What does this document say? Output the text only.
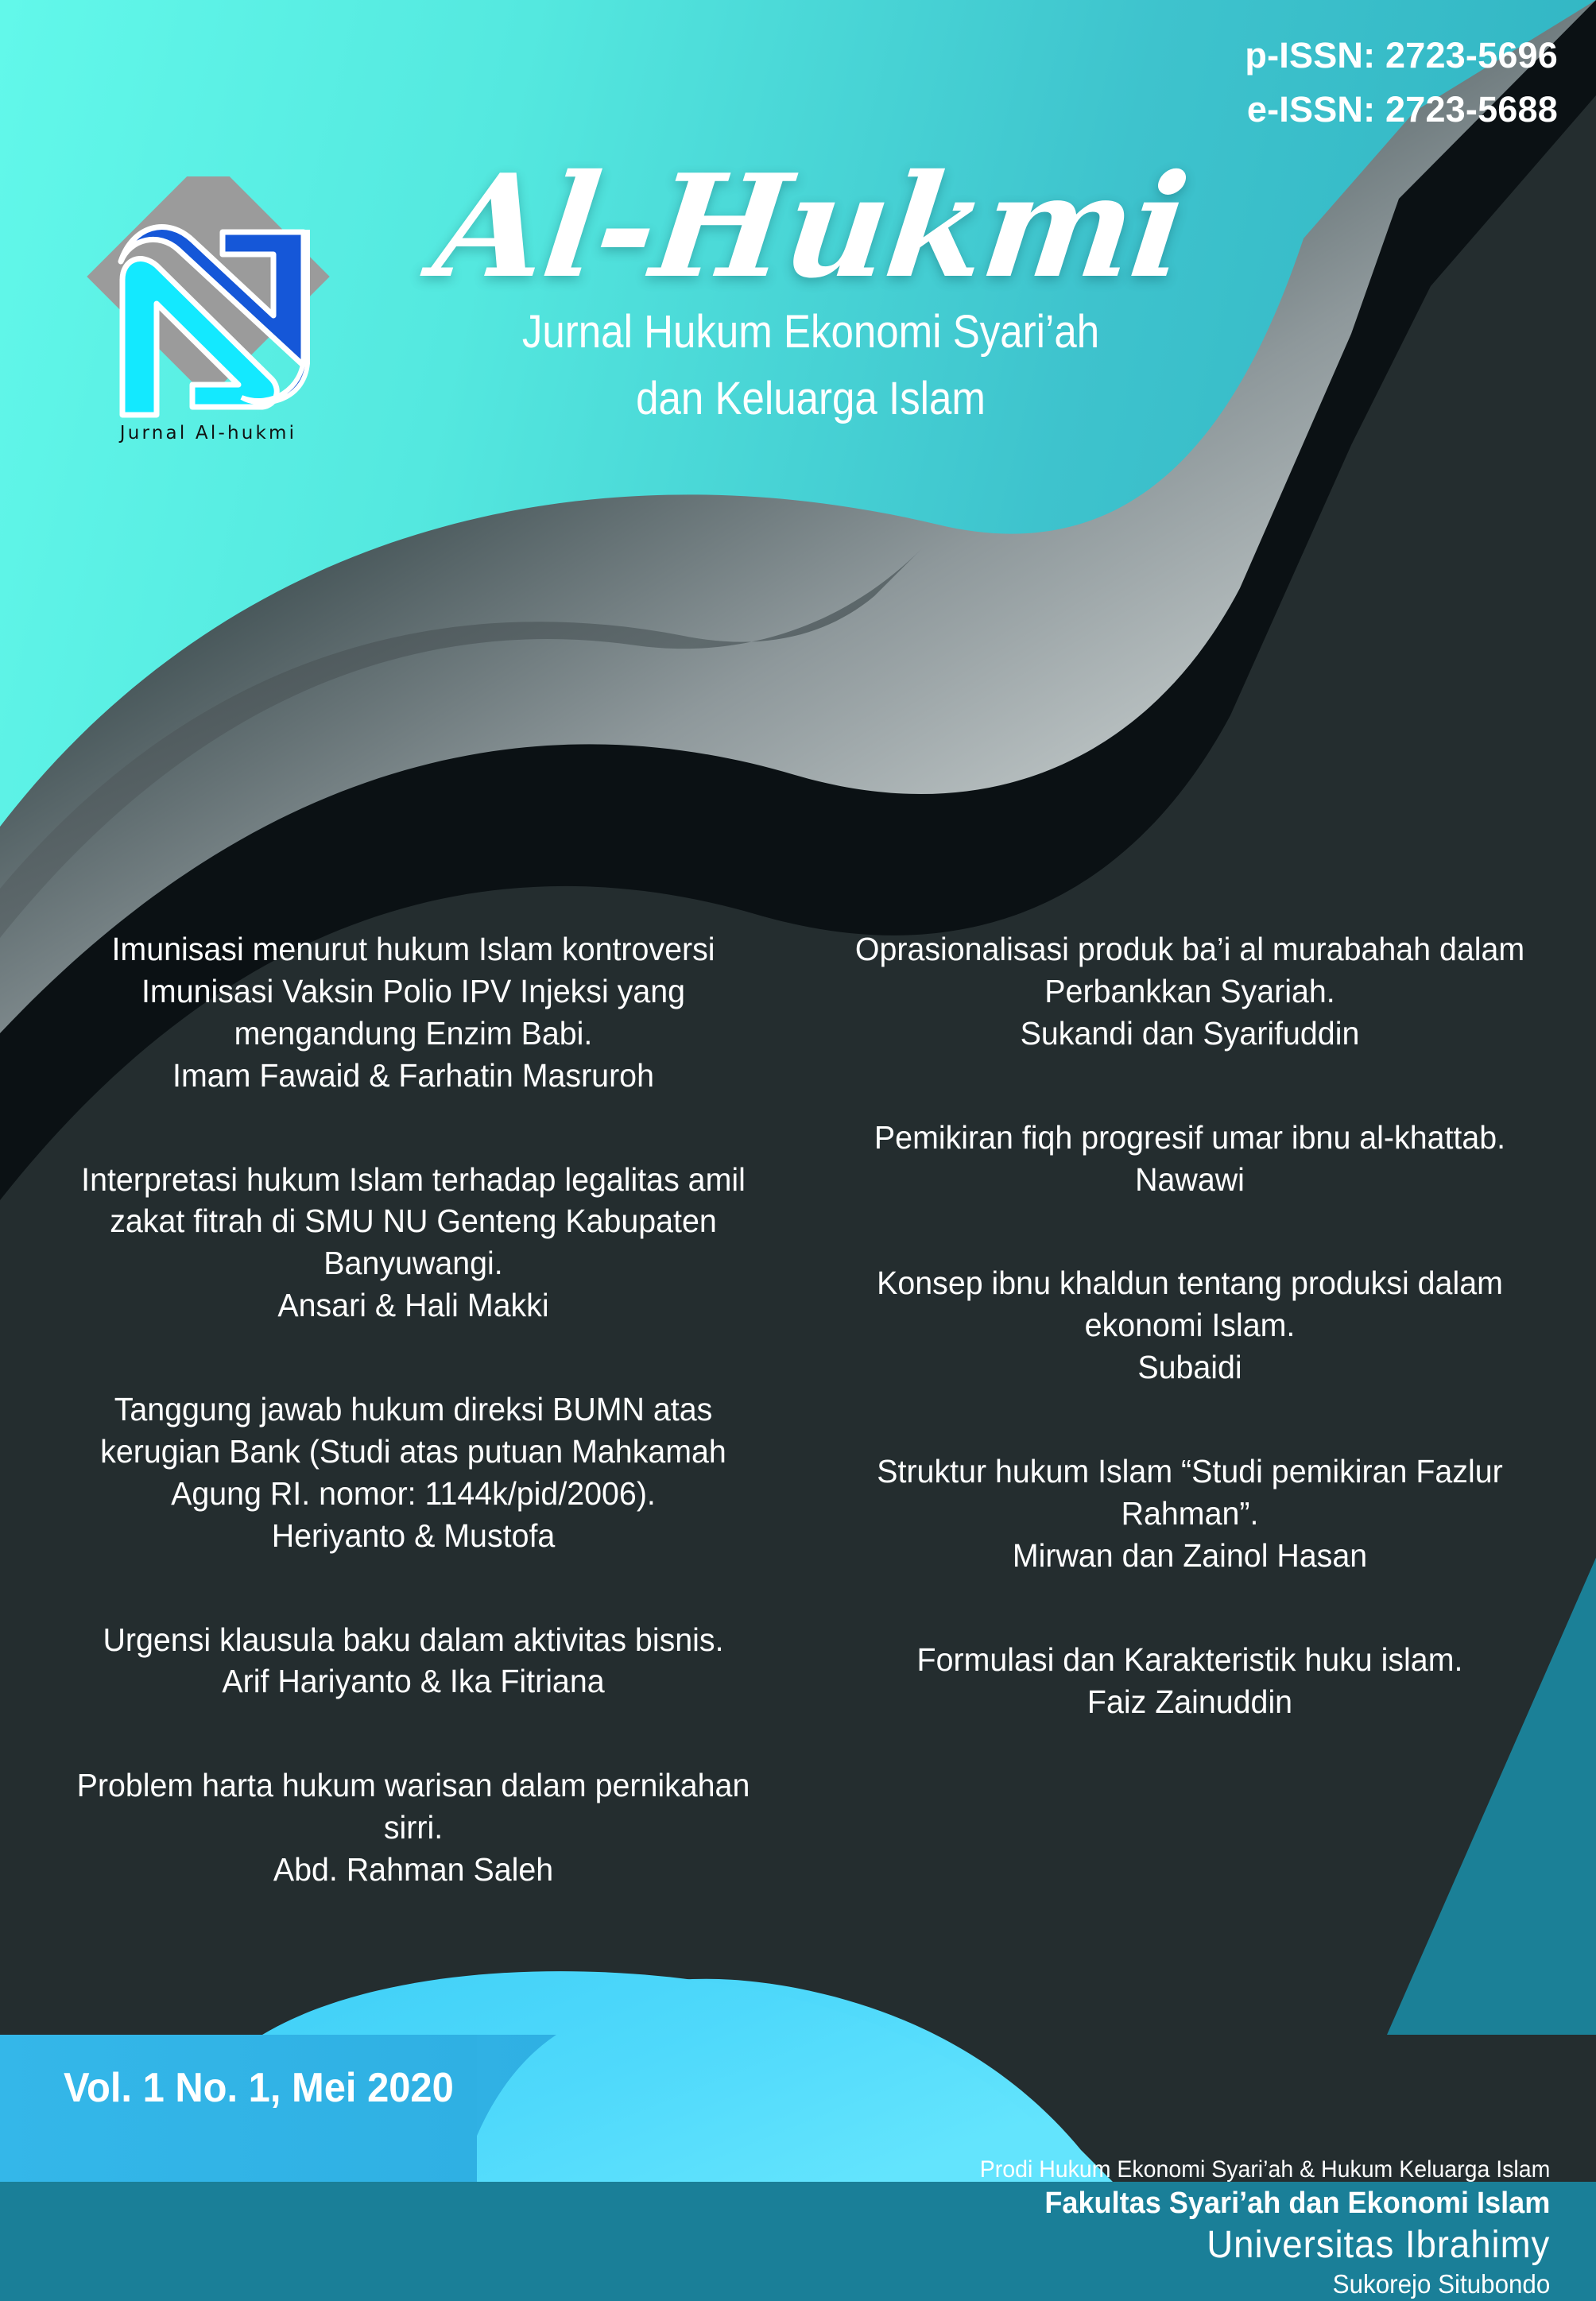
p-ISSN: 2723-5696
e-ISSN: 2723-5688
Jurnal Al-hukmi
Al-Hukmi
Jurnal Hukum Ekonomi Syari’ah
dan Keluarga Islam
Imunisasi menurut hukum Islam kontroversi Imunisasi Vaksin Polio IPV Injeksi yang mengandung Enzim Babi.
Imam Fawaid & Farhatin Masruroh
Interpretasi hukum Islam terhadap legalitas amil zakat fitrah di SMU NU Genteng Kabupaten Banyuwangi.
Ansari & Hali Makki
Tanggung jawab hukum direksi BUMN atas kerugian Bank (Studi atas putuan Mahkamah Agung RI. nomor: 1144k/pid/2006).
Heriyanto & Mustofa
Urgensi klausula baku dalam aktivitas bisnis.
Arif Hariyanto & Ika Fitriana
Problem harta hukum warisan dalam pernikahan sirri.
Abd. Rahman Saleh
Oprasionalisasi produk ba’i al murabahah dalam Perbankkan Syariah.
Sukandi dan Syarifuddin
Pemikiran fiqh progresif umar ibnu al-khattab.
Nawawi
Konsep ibnu khaldun tentang produksi dalam ekonomi Islam.
Subaidi
Struktur hukum Islam “Studi pemikiran Fazlur Rahman”.
Mirwan dan Zainol Hasan
Formulasi dan Karakteristik huku islam.
Faiz Zainuddin
Vol. 1 No. 1, Mei 2020
Prodi Hukum Ekonomi Syari’ah & Hukum Keluarga Islam
Fakultas Syari’ah dan Ekonomi Islam
Universitas Ibrahimy
Sukorejo Situbondo
